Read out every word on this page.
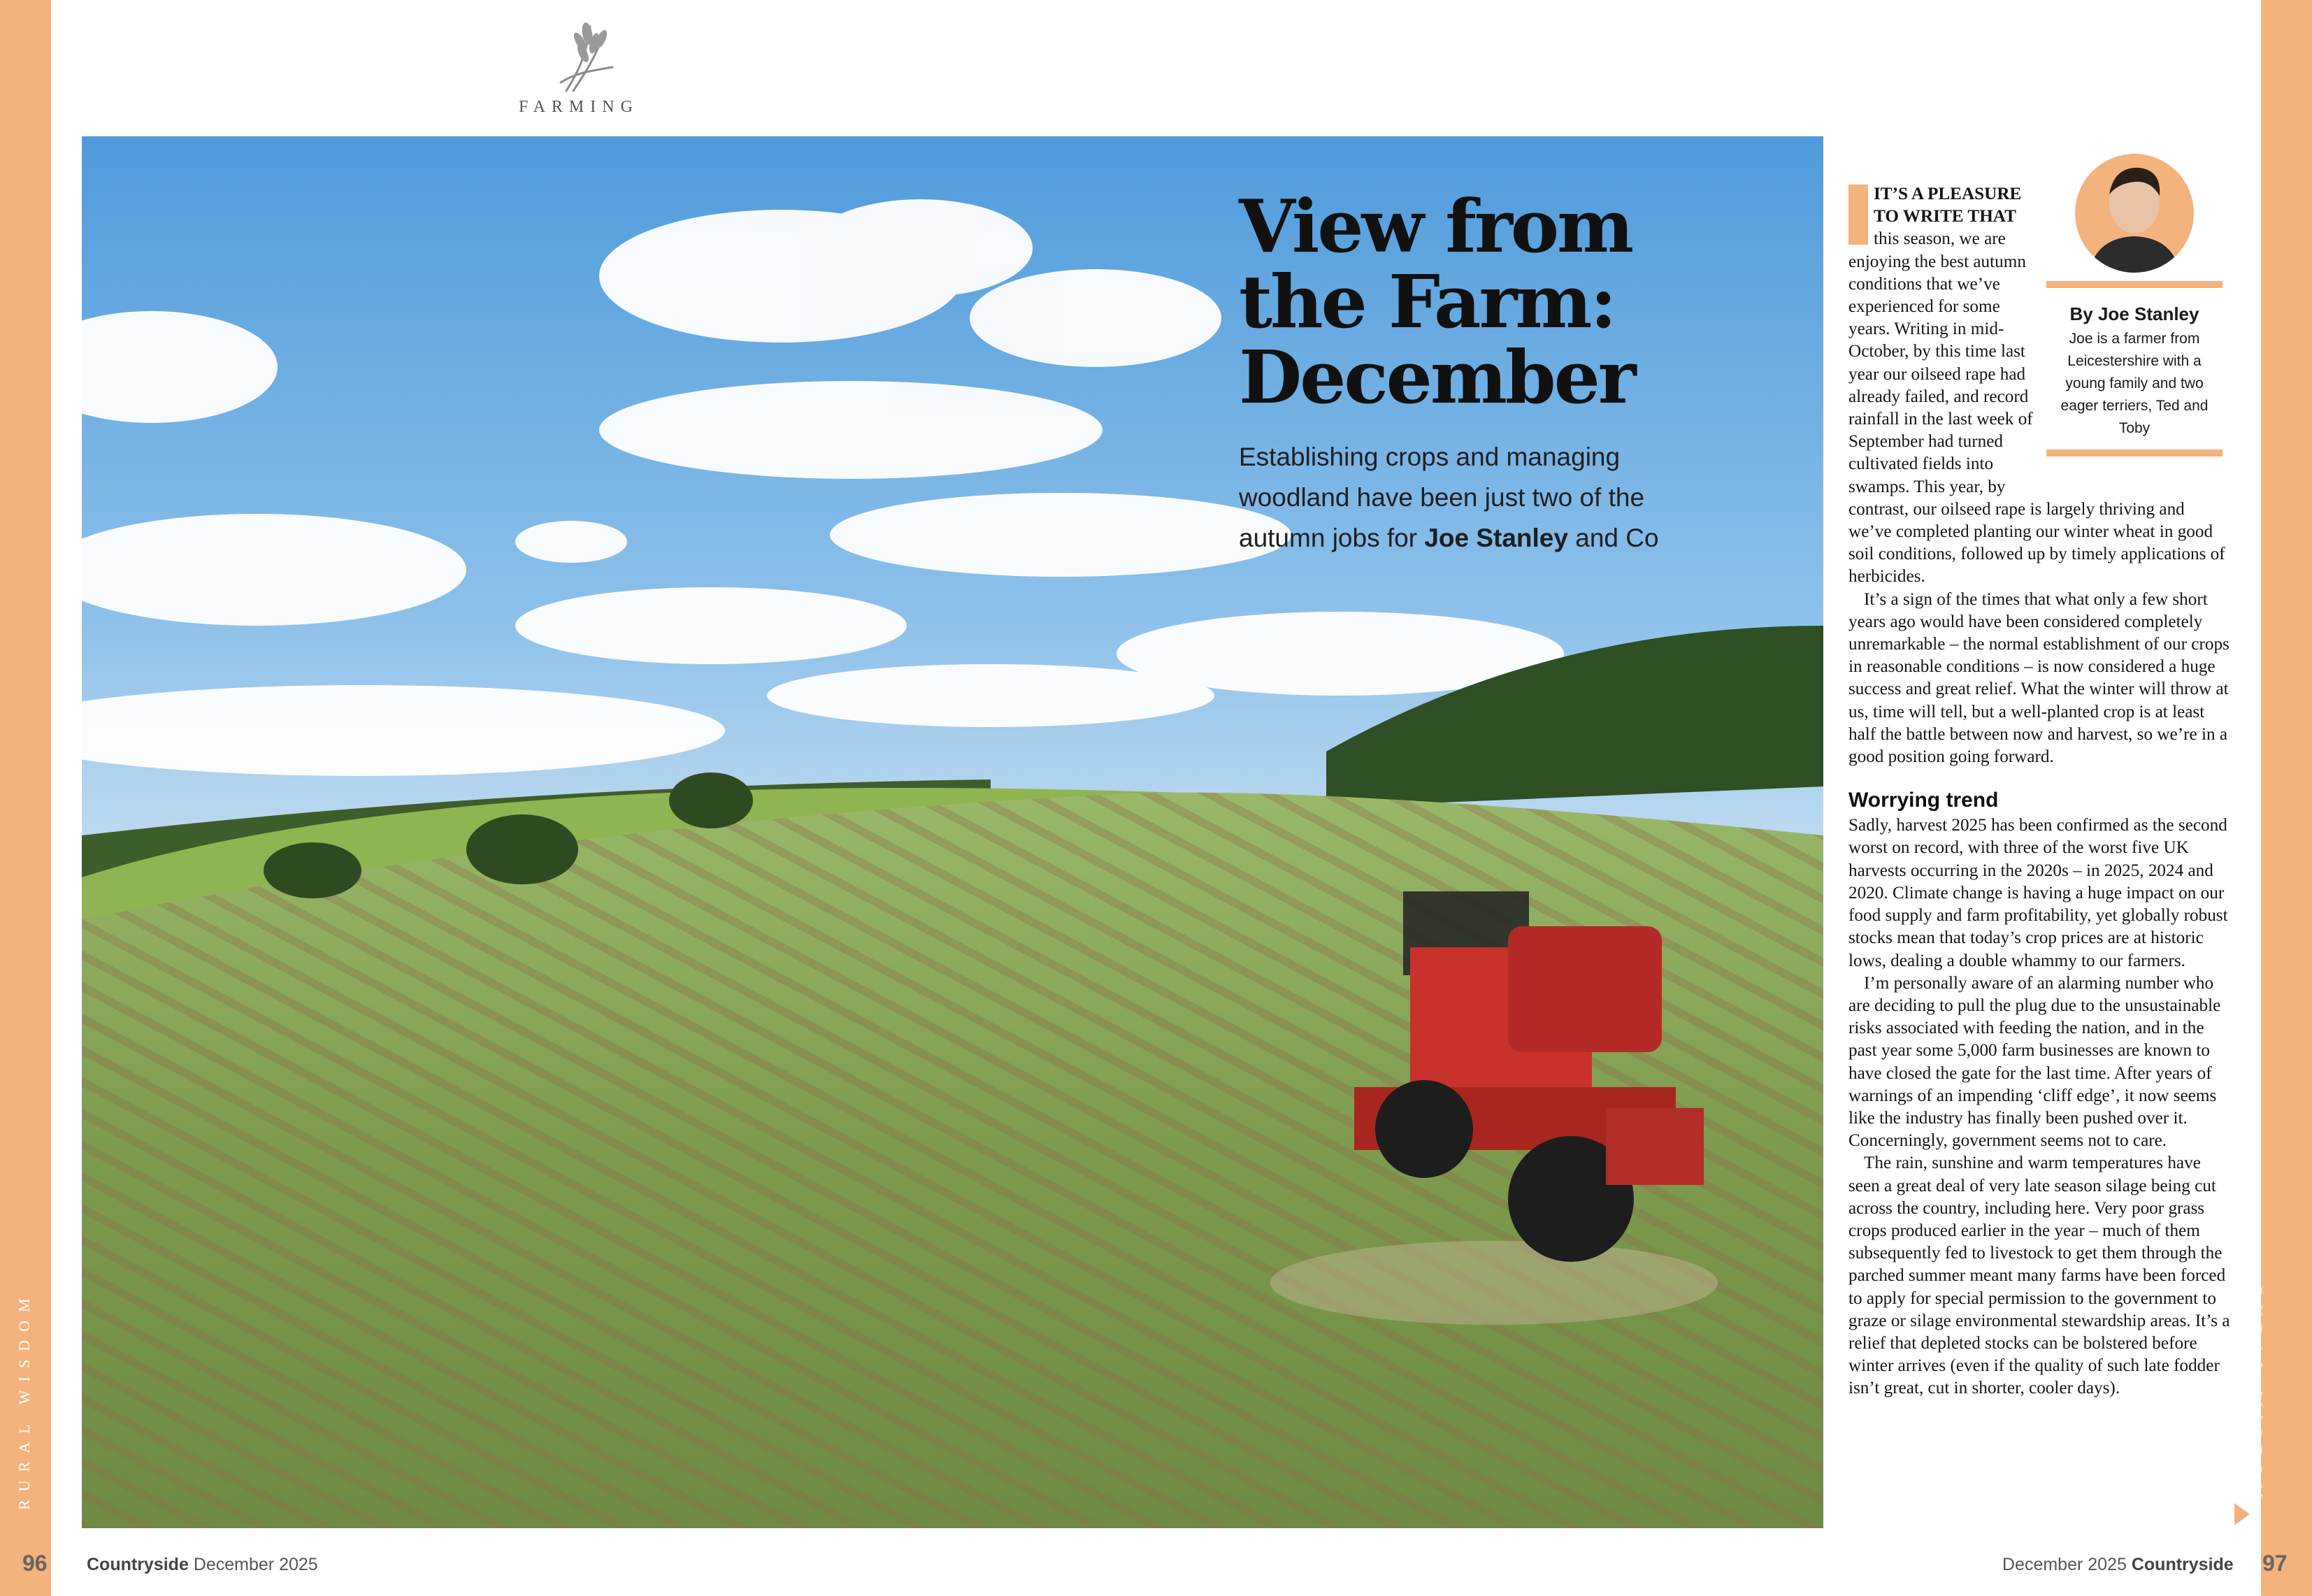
RURAL WISDOM	RURAL WISDOM
FARMING
View from
the Farm:
December
Establishing crops and managing woodland have been just two of the autumn jobs for Joe Stanley and Co
By Joe Stanley
Joe is a farmer from Leicestershire with a young family and two eager terriers, Ted and Toby

IT’S A PLEASURE TO WRITE THAT this season, we are enjoying the best autumn conditions that we’ve experienced for some years. Writing in mid-October, by this time last year our oilseed rape had already failed, and record rainfall in the last week of September had turned cultivated fields into swamps. This year, by contrast, our oilseed rape is largely thriving and we’ve completed planting our winter wheat in good soil conditions, followed up by timely applications of herbicides.

It’s a sign of the times that what only a few short years ago would have been considered completely unremarkable – the normal establishment of our crops in reasonable conditions – is now considered a huge success and great relief. What the winter will throw at us, time will tell, but a well-planted crop is at least half the battle between now and harvest, so we’re in a good position going forward.

Worrying trend

Sadly, harvest 2025 has been confirmed as the second worst on record, with three of the worst five UK harvests occurring in the 2020s – in 2025, 2024 and 2020. Climate change is having a huge impact on our food supply and farm profitability, yet globally robust stocks mean that today’s crop prices are at historic lows, dealing a double whammy to our farmers.

I’m personally aware of an alarming number who are deciding to pull the plug due to the unsustainable risks associated with feeding the nation, and in the past year some 5,000 farm businesses are known to have closed the gate for the last time. After years of warnings of an impending ‘cliff edge’, it now seems like the industry has finally been pushed over it. Concerningly, government seems not to care.

The rain, sunshine and warm temperatures have seen a great deal of very late season silage being cut across the country, including here. Very poor grass crops produced earlier in the year – much of them subsequently fed to livestock to get them through the parched summer meant many farms have been forced to apply for special permission to the government to graze or silage environmental stewardship areas. It’s a relief that depleted stocks can be bolstered before winter arrives (even if the quality of such late fodder isn’t great, cut in shorter, cooler days).

96 Countryside December 2025	December 2025 Countryside 97
